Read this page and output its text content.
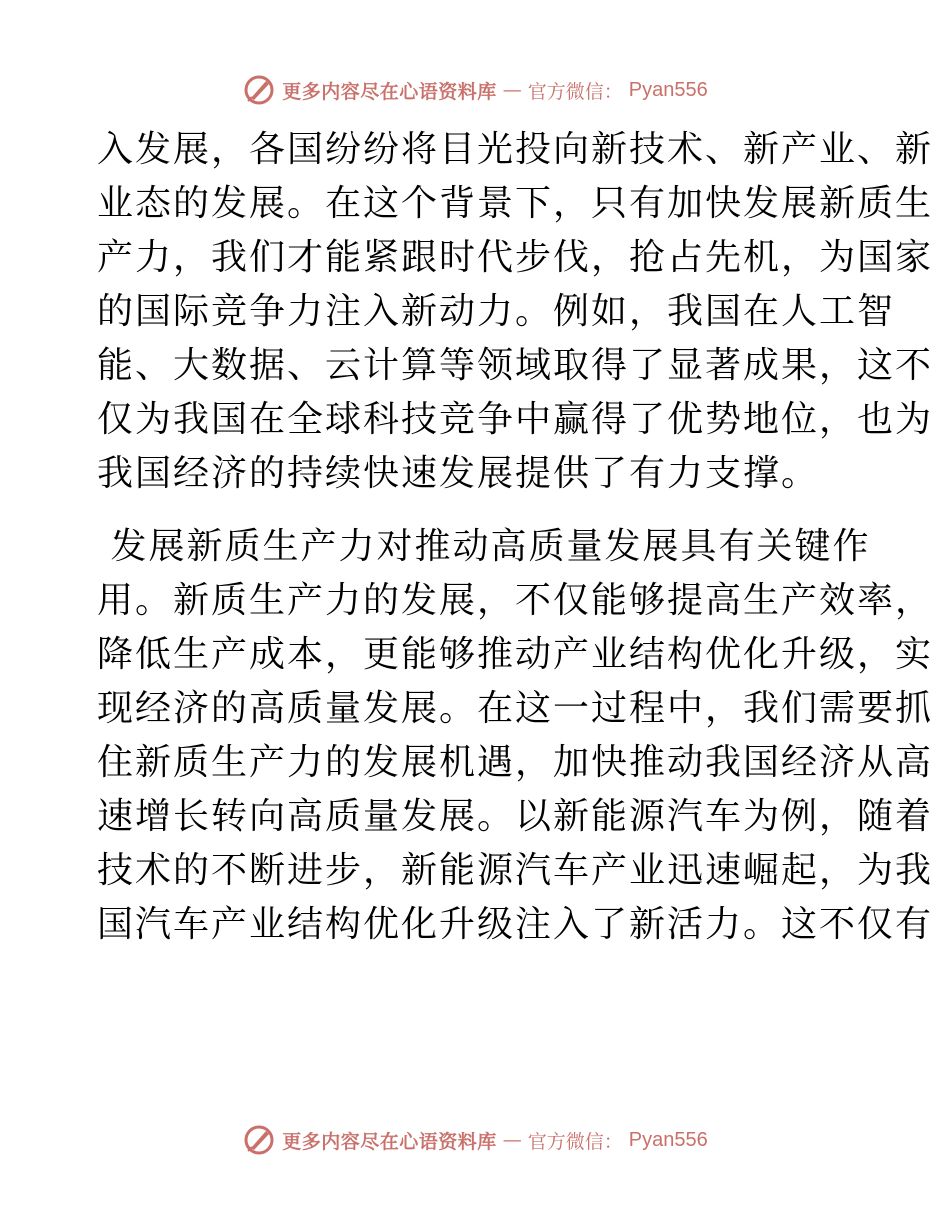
更多内容尽在心语资料库 — 官方微信： Pyan556
入发展，各国纷纷将目光投向新技术、新产业、新
业态的发展。在这个背景下，只有加快发展新质生
产力，我们才能紧跟时代步伐，抢占先机，为国家
的国际竞争力注入新动力。例如，我国在人工智
能、大数据、云计算等领域取得了显著成果，这不
仅为我国在全球科技竞争中赢得了优势地位，也为
我国经济的持续快速发展提供了有力支撑。
发展新质生产力对推动高质量发展具有关键作
用。新质生产力的发展，不仅能够提高生产效率，
降低生产成本，更能够推动产业结构优化升级，实
现经济的高质量发展。在这一过程中，我们需要抓
住新质生产力的发展机遇，加快推动我国经济从高
速增长转向高质量发展。以新能源汽车为例，随着
技术的不断进步，新能源汽车产业迅速崛起，为我
国汽车产业结构优化升级注入了新活力。这不仅有
更多内容尽在心语资料库 — 官方微信： Pyan556
